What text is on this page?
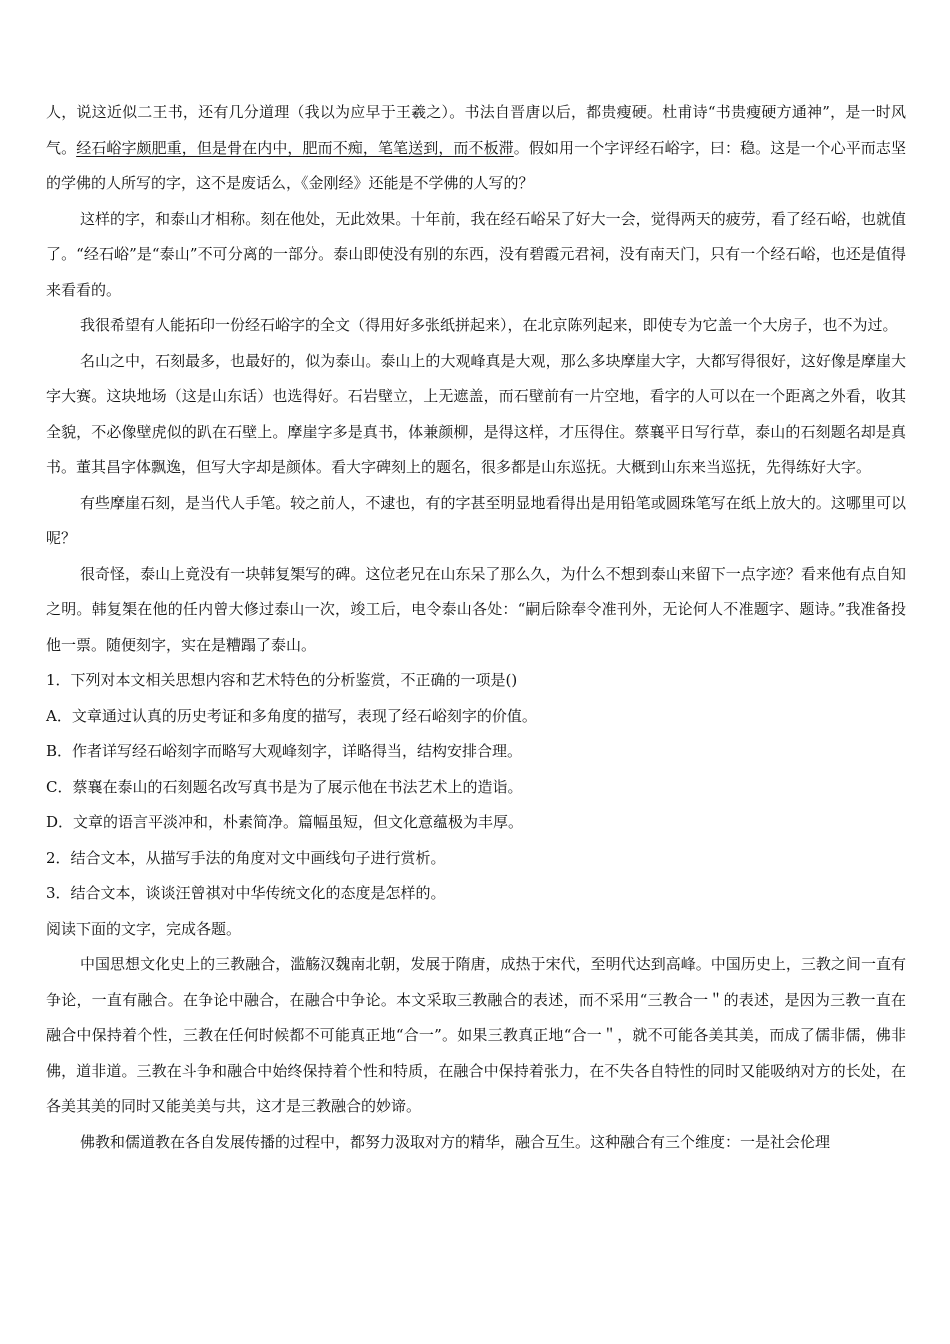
人，说这近似二王书，还有几分道理（我以为应早于王羲之）。书法自晋唐以后，都贵瘦硬。杜甫诗“书贵瘦硬方通神”，是一时风气。经石峪字颇肥重，但是骨在内中，肥而不痴，笔笔送到，而不板滞。假如用一个字评经石峪字，曰：稳。这是一个心平而志坚的学佛的人所写的字，这不是废话么，《金刚经》还能是不学佛的人写的？

这样的字，和泰山才相称。刻在他处，无此效果。十年前，我在经石峪呆了好大一会，觉得两天的疲劳，看了经石峪，也就值了。“经石峪”是“泰山”不可分离的一部分。泰山即使没有别的东西，没有碧霞元君祠，没有南天门，只有一个经石峪，也还是值得来看看的。

我很希望有人能拓印一份经石峪字的全文（得用好多张纸拼起来），在北京陈列起来，即使专为它盖一个大房子，也不为过。

名山之中，石刻最多，也最好的，似为泰山。泰山上的大观峰真是大观，那么多块摩崖大字，大都写得很好，这好像是摩崖大字大赛。这块地场（这是山东话）也选得好。石岩壁立，上无遮盖，而石壁前有一片空地，看字的人可以在一个距离之外看，收其全貌，不必像壁虎似的趴在石壁上。摩崖字多是真书，体兼颜柳，是得这样，才压得住。蔡襄平日写行草，泰山的石刻题名却是真书。董其昌字体飘逸，但写大字却是颜体。看大字碑刻上的题名，很多都是山东巡抚。大概到山东来当巡抚，先得练好大字。

有些摩崖石刻，是当代人手笔。较之前人，不逮也，有的字甚至明显地看得出是用铅笔或圆珠笔写在纸上放大的。这哪里可以呢？

很奇怪，泰山上竟没有一块韩复榘写的碑。这位老兄在山东呆了那么久，为什么不想到泰山来留下一点字迹？看来他有点自知之明。韩复榘在他的任内曾大修过泰山一次，竣工后，电令泰山各处：“嗣后除奉令准刊外，无论何人不准题字、题诗。”我准备投他一票。随便刻字，实在是糟蹋了泰山。

1．下列对本文相关思想内容和艺术特色的分析鉴赏，不正确的一项是()

A．文章通过认真的历史考证和多角度的描写，表现了经石峪刻字的价值。

B．作者详写经石峪刻字而略写大观峰刻字，详略得当，结构安排合理。

C．蔡襄在泰山的石刻题名改写真书是为了展示他在书法艺术上的造诣。

D．文章的语言平淡冲和，朴素简净。篇幅虽短，但文化意蕴极为丰厚。

2．结合文本，从描写手法的角度对文中画线句子进行赏析。

3．结合文本，谈谈汪曾祺对中华传统文化的态度是怎样的。

阅读下面的文字，完成各题。

中国思想文化史上的三教融合，滥觞汉魏南北朝，发展于隋唐，成热于宋代，至明代达到高峰。中国历史上，三教之间一直有争论，一直有融合。在争论中融合，在融合中争论。本文采取三教融合的表述，而不采用“三教合一＂的表述，是因为三教一直在融合中保持着个性，三教在任何时候都不可能真正地“合一”。如果三教真正地“合一＂，就不可能各美其美，而成了儒非儒，佛非佛，道非道。三教在斗争和融合中始终保持着个性和特质，在融合中保持着张力，在不失各自特性的同时又能吸纳对方的长处，在各美其美的同时又能美美与共，这才是三教融合的妙谛。

佛教和儒道教在各自发展传播的过程中，都努力汲取对方的精华，融合互生。这种融合有三个维度：一是社会伦理
